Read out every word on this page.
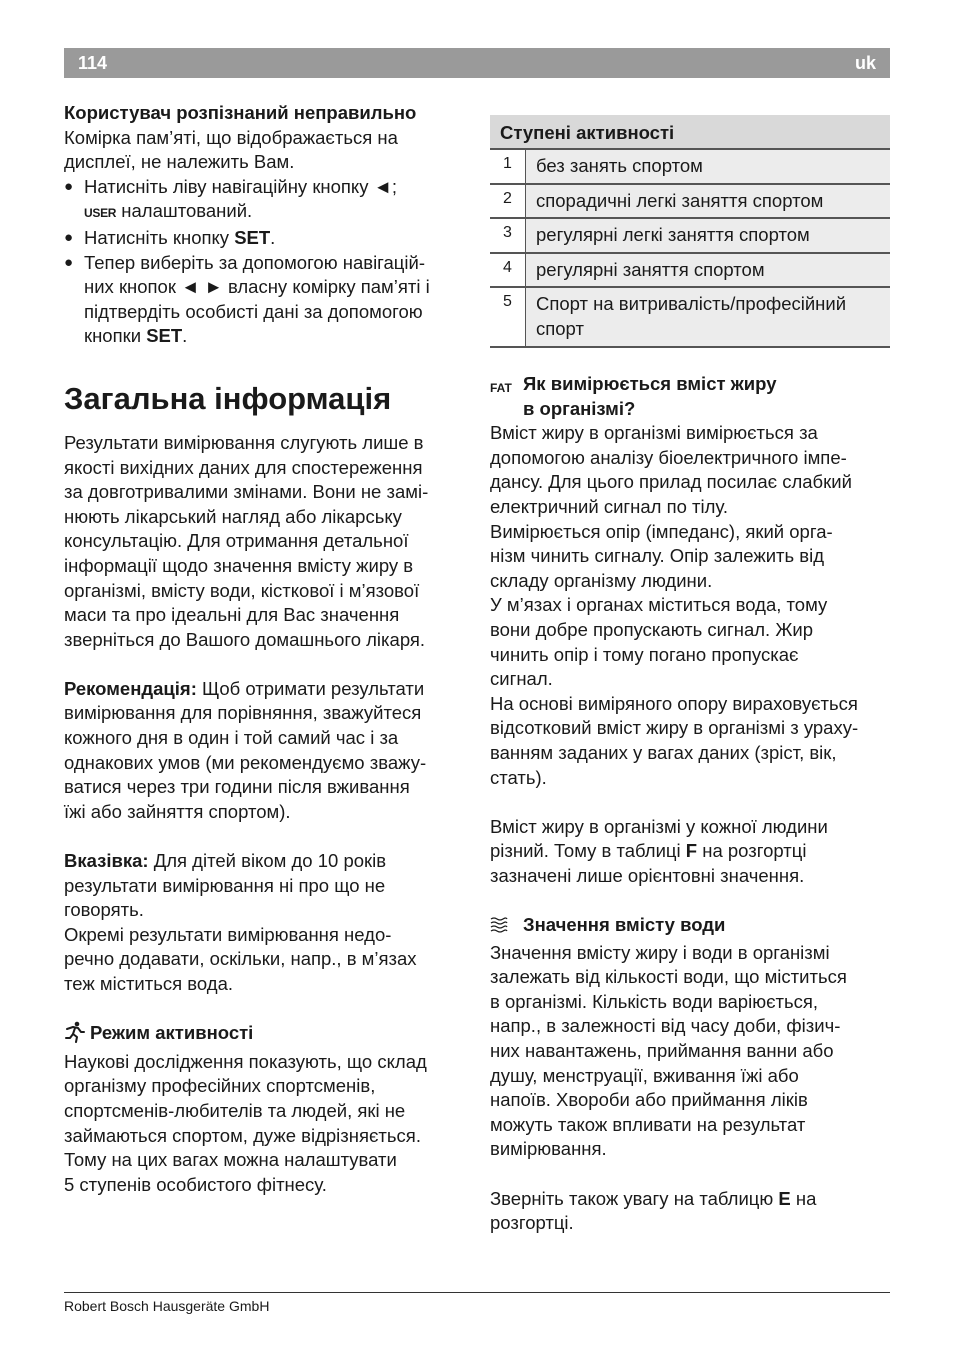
114	uk

Користувач розпізнаний неправильно

Комірка пам’яті, що відображається на

дисплеї, не належить Вам.

● Натисніть ліву навігаційну кнопку ◄;
USER налаштований.
● Натисніть кнопку SET.
● Тепер виберіть за допомогою навігацій-
них кнопок ◄ ► власну комірку пам’яті і
підтвердіть особисті дані за допомогою
кнопки SET.
Загальна інформація

Результати вимірювання слугують лише в

якості вихідних даних для спостереження

за довготривалими змінами. Вони не замі-

нюють лікарський нагляд або лікарську

консультацію. Для отримання детальної

інформації щодо значення вмісту жиру в

організмі, вмісту води, кісткової і м’язової

маси та про ідеальні для Вас значення

зверніться до Вашого домашнього лікаря.

Рекомендація: Щоб отримати результати

вимірювання для порівняння, зважуйтеся

кожного дня в один і той самий час і за

однакових умов (ми рекомендуємо зважу-

ватися через три години після вживання

їжі або зайняття спортом).

Вказівка: Для дітей віком до 10 років

результати вимірювання ні про що не

говорять.

Окремі результати вимірювання недо-

речно додавати, оскільки, напр., в м’язах

теж міститься вода.

Режим активності

Наукові дослідження показують, що склад

організму професійних спортсменів,

спортсменів-любителів та людей, які не

займаються спортом, дуже відрізняється.

Тому на цих вагах можна налаштувати

5 ступенів особистого фітнесу.

Ступені активності	
1	без занять спортом
2	спорадичні легкі заняття спортом
3	регулярні легкі заняття спортом
4	регулярні заняття спортом
5	Спорт на витривалість/професійний спорт
FAT Як вимірюється вміст жиру
в організмі?

Вміст жиру в організмі вимірюється за

допомогою аналізу біоелектричного імпе-

дансу. Для цього прилад посилає слабкий

електричний сигнал по тілу.

Вимірюється опір (імпеданс), який орга-

нізм чинить сигналу. Опір залежить від

складу організму людини.

У м’язах і органах міститься вода, тому

вони добре пропускають сигнал. Жир

чинить опір і тому погано пропускає

сигнал.

На основі виміряного опору вираховується

відсотковий вміст жиру в організмі з ураху-

ванням заданих у вагах даних (зріст, вік,

стать).

Вміст жиру в організмі у кожної людини

різний. Тому в таблиці F на розгортці

зазначені лише орієнтовні значення.

Значення вмісту води

Значення вмісту жиру і води в організмі

залежать від кількості води, що міститься

в організмі. Кількість води варіюється,

напр., в залежності від часу доби, фізич-

них навантажень, приймання ванни або

душу, менструації, вживання їжі або

напоїв. Хвороби або приймання ліків

можуть також впливати на результат

вимірювання.

Зверніть також увагу на таблицю E на

розгортці.

Robert Bosch Hausgeräte GmbH
